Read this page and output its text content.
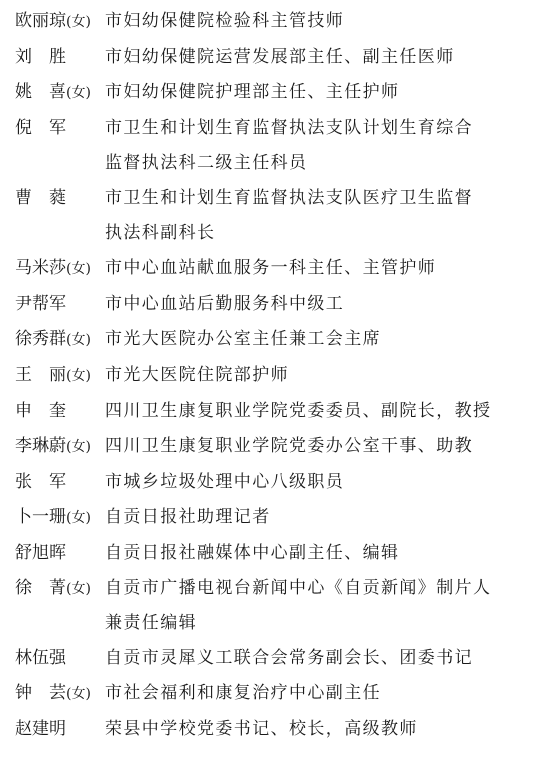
欧丽琼(女) 市妇幼保健院检验科主管技师
刘　胜	市妇幼保健院运营发展部主任、副主任医师
姚　喜(女) 市妇幼保健院护理部主任、主任护师
倪　军	市卫生和计划生育监督执法支队计划生育综合
监督执法科二级主任科员
曹　蕤	市卫生和计划生育监督执法支队医疗卫生监督
执法科副科长
马米莎(女) 市中心血站献血服务一科主任、主管护师
尹帮军	市中心血站后勤服务科中级工
徐秀群(女) 市光大医院办公室主任兼工会主席
王　丽(女) 市光大医院住院部护师
申　奎	四川卫生康复职业学院党委委员、副院长，教授
李琳蔚(女) 四川卫生康复职业学院党委办公室干事、助教
张　军	市城乡垃圾处理中心八级职员
卜一珊(女) 自贡日报社助理记者
舒旭晖	自贡日报社融媒体中心副主任、编辑
徐　菁(女) 自贡市广播电视台新闻中心《自贡新闻》制片人
兼责任编辑
林伍强	自贡市灵犀义工联合会常务副会长、团委书记
钟　芸(女) 市社会福利和康复治疗中心副主任
赵建明	荣县中学校党委书记、校长，高级教师
